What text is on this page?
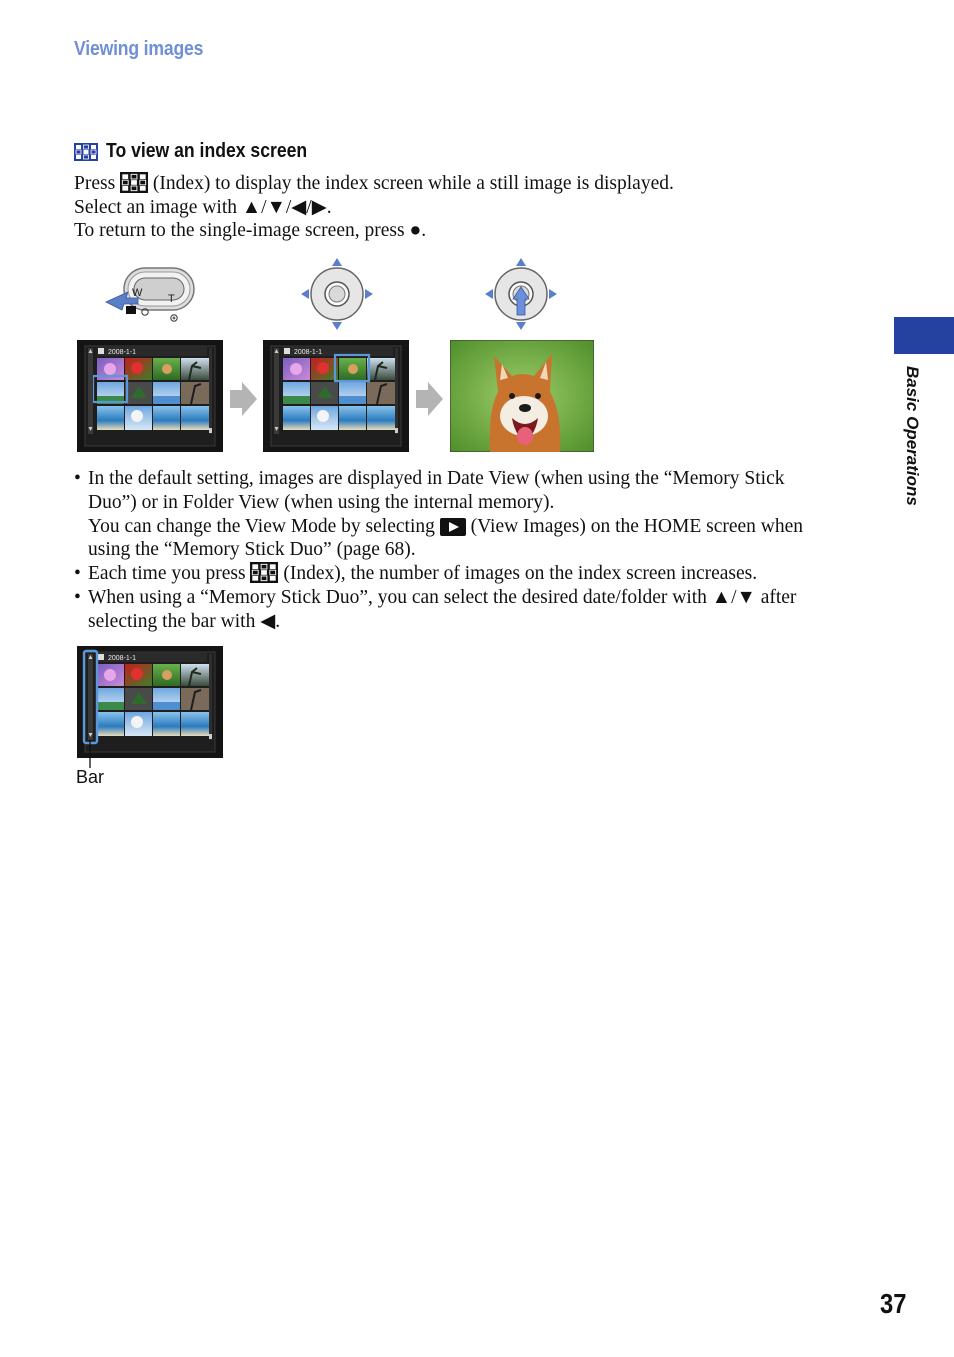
Viewing images
To view an index screen
Press  (Index) to display the index screen while a still image is displayed.
Select an image with ▲/▼/◀/▶.
To return to the single-image screen, press ●.
W T
2008-1-1	2008-1-1
• In the default setting, images are displayed in Date View (when using the “Memory Stick
Duo”) or in Folder View (when using the internal memory).
You can change the View Mode by selecting  (View Images) on the HOME screen when
using the “Memory Stick Duo” (page 68).
• Each time you press  (Index), the number of images on the index screen increases.
• When using a “Memory Stick Duo”, you can select the desired date/folder with ▲/▼ after
selecting the bar with ◀.
2008-1-1
Bar
Basic Operations
37
